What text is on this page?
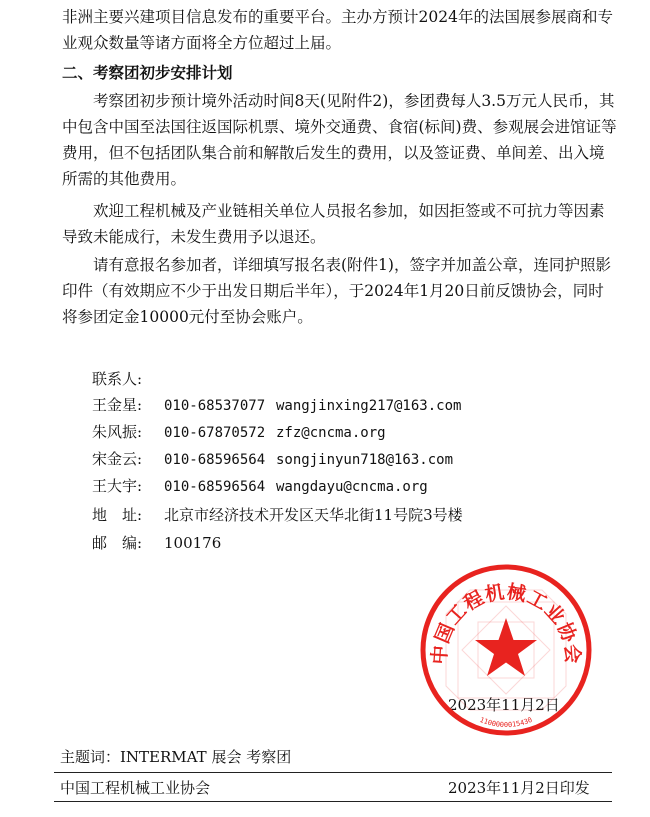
非洲主要兴建项目信息发布的重要平台。主办方预计2024年的法国展参展商和专业观众数量等诸方面将全方位超过上届。

二、考察团初步安排计划

考察团初步预计境外活动时间8天(见附件2)，参团费每人3.5万元人民币，其中包含中国至法国往返国际机票、境外交通费、食宿(标间)费、参观展会进馆证等费用，但不包括团队集合前和解散后发生的费用，以及签证费、单间差、出入境所需的其他费用。

欢迎工程机械及产业链相关单位人员报名参加，如因拒签或不可抗力等因素导致未能成行，未发生费用予以退还。

请有意报名参加者，详细填写报名表(附件1)，签字并加盖公章，连同护照影印件（有效期应不少于出发日期后半年），于2024年1月20日前反馈协会，同时将参团定金10000元付至协会账户。

联系人:
王金星: 010-68537077 wangjinxing217@163.com
朱风振: 010-67870572 zfz@cncma.org
宋金云: 010-68596564 songjinyun718@163.com
王大宇: 010-68596564 wangdayu@cncma.org
地　址: 北京市经济技术开发区天华北街11号院3号楼
邮　编: 100176
2023年11月2日
中国工程机械工业协会
1100000015430
主题词：INTERMAT 展会 考察团
中国工程机械工业协会	2023年11月2日印发
